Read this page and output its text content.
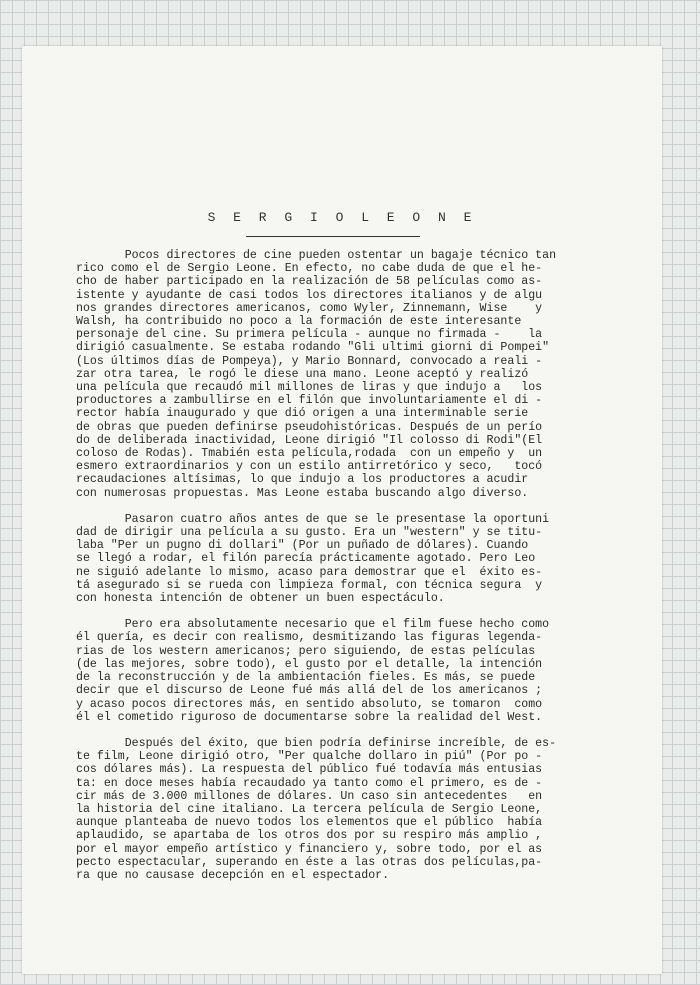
S E R G I O L E O N E
Pocos directores de cine pueden ostentar un bagaje técnico tan
rico como el de Sergio Leone. En efecto, no cabe duda de que el he-
cho de haber participado en la realización de 58 películas como as-
istente y ayudante de casi todos los directores italianos y de algu
nos grandes directores americanos, como Wyler, Zinnemann, Wise    y
Walsh, ha contribuido no poco a la formación de este interesante
personaje del cine. Su primera película - aunque no firmada -    la
dirigió casualmente. Se estaba rodando "Gli ultimi giorni di Pompei"
(Los últimos días de Pompeya), y Mario Bonnard, convocado a reali -
zar otra tarea, le rogó le diese una mano. Leone aceptó y realizó
una película que recaudó mil millones de liras y que indujo a   los
productores a zambullirse en el filón que involuntariamente el di -
rector había inaugurado y que dió origen a una interminable serie
de obras que pueden definirse pseudohistóricas. Después de un perío
do de deliberada inactividad, Leone dirigió "Il colosso di Rodi"(El
coloso de Rodas). Tmabién esta película,rodada  con un empeño y  un
esmero extraordinarios y con un estilo antirretórico y seco,   tocó
recaudaciones altísimas, lo que indujo a los productores a acudir
con numerosas propuestas. Mas Leone estaba buscando algo diverso.
Pasaron cuatro años antes de que se le presentase la oportuni
dad de dirigir una película a su gusto. Era un "western" y se titu-
laba "Per un pugno di dollari" (Por un puñado de dólares). Cuando
se llegó a rodar, el filón parecía prácticamente agotado. Pero Leo
ne siguió adelante lo mismo, acaso para demostrar que el  éxito es-
tá asegurado si se rueda con limpieza formal, con técnica segura  y
con honesta intención de obtener un buen espectáculo.
Pero era absolutamente necesario que el film fuese hecho como
él quería, es decir con realismo, desmitizando las figuras legenda-
rias de los western americanos; pero siguiendo, de estas películas
(de las mejores, sobre todo), el gusto por el detalle, la intención
de la reconstrucción y de la ambientación fieles. Es más, se puede
decir que el discurso de Leone fué más allá del de los americanos ;
y acaso pocos directores más, en sentido absoluto, se tomaron  como
él el cometido riguroso de documentarse sobre la realidad del West.
Después del éxito, que bien podría definirse increíble, de es-
te film, Leone dirigió otro, "Per qualche dollaro in piú" (Por po -
cos dólares más). La respuesta del público fué todavía más entusias
ta: en doce meses había recaudado ya tanto como el primero, es de -
cir más de 3.000 millones de dólares. Un caso sin antecedentes   en
la historia del cine italiano. La tercera película de Sergio Leone,
aunque planteaba de nuevo todos los elementos que el público  había
aplaudido, se apartaba de los otros dos por su respiro más amplio ,
por el mayor empeño artístico y financiero y, sobre todo, por el as
pecto espectacular, superando en éste a las otras dos películas,pa-
ra que no causase decepción en el espectador.
